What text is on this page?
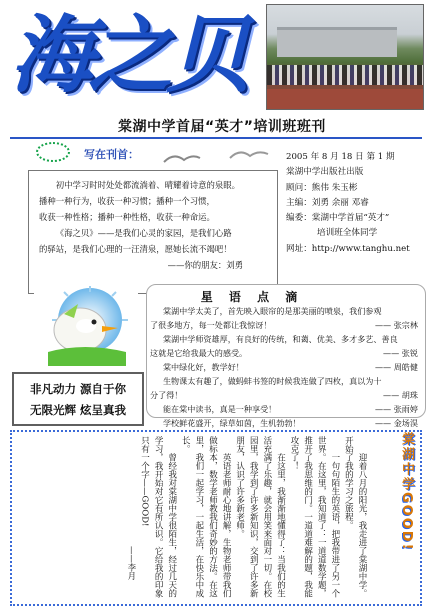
海之贝
棠湖中学首届“英才”培训班班刊
写在刊首：

初中学习时时处处都流淌着、晴耀着诗意的泉眼。

播种一种行为，收获一种习惯；播种一个习惯，
收获一种性格；播种一种性格，收获一种命运。

《海之贝》——是我们心灵的家园，是我们心路

的驿站，是我们心理的一汪清泉，愿她长流不竭吧！
——你的朋友：刘勇
2005 年 8 月 18 日 第 1 期
棠湖中学出版社出版
顾问：熊伟 朱玉彬
主编：刘勇 余丽 邓睿
编委：棠湖中学首届“英才”
培训班全体同学
网址：http://www.tanghu.net
星 语 点 滴
棠湖中学太美了，首先映入眼帘的是那美丽的喷泉，我们参观
了很多地方，每一处都让我惊讶！	—— 张宗林
棠湖中学师资雄厚，有良好的传统，和蔼、优美、多才多艺、善良
这就是它给我最大的感受。	—— 张锐
棠中绿化好，教学好！	—— 周皓健
生物课太有趣了，做蚂蚌书签的时候我连做了四枚，真以为十
分了得！	—— 胡珠
能在棠中读书，真是一种享受！	—— 张雨婷
学校鲜花盛开，绿草如茵，生机勃勃！	—— 金场淏
非凡动力 源自于你
无限光辉 炫呈真我
棠湖中学GOOD!

迎着八月的阳光，我走进了棠湖中学。开始了我的学习之旅程。

一句句陌生的英语，把我带进了另一个世界。在这里，我知道了：一道道数学题，推开了我思维的门。一道道难解的题，我能攻克了！

在这里，我渐渐地懂得了：当我们的生活充满了乐趣，就会用笑来面对一切。在校园里，我学到了许多新知识，交到了许多新朋友，认识了许多新老师。

英语老师耐心地讲解，生物老师带我们做标本，数学老师教我们奇妙的方法。在这里，我们一起学习，一起生活，在快乐中成长。

曾经我对棠湖中学很陌生，经过几天的学习，我开始对它有所认识。它给我的印象只有一个字——GOOD!

——李月
